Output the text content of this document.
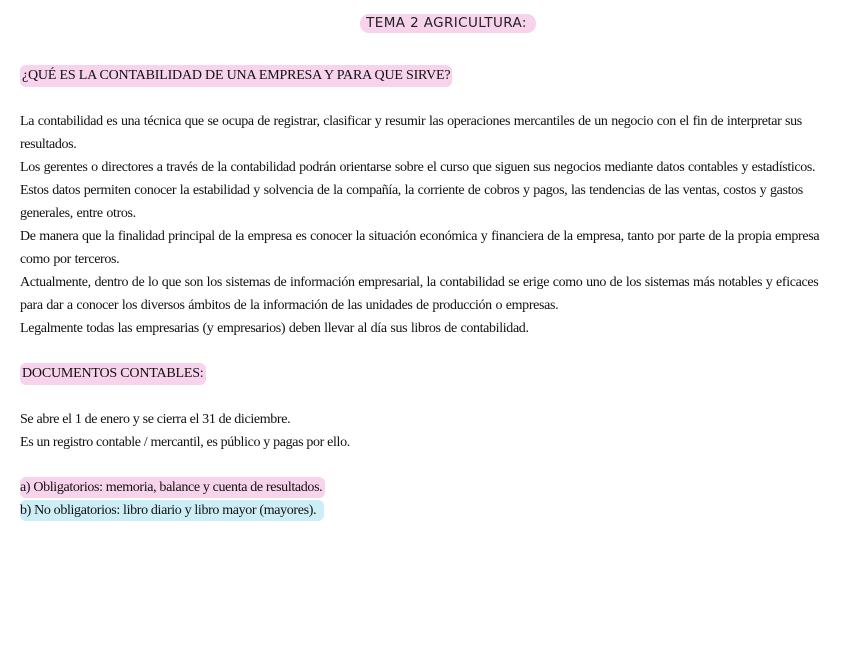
TEMA 2 AGRICULTURA:
¿QUÉ ES LA CONTABILIDAD DE UNA EMPRESA Y PARA QUE SIRVE?

La contabilidad es una técnica que se ocupa de registrar, clasificar y resumir las operaciones mercantiles de un negocio con el fin de interpretar sus resultados.

Los gerentes o directores a través de la contabilidad podrán orientarse sobre el curso que siguen sus negocios mediante datos contables y estadísticos.

Estos datos permiten conocer la estabilidad y solvencia de la compañía, la corriente de cobros y pagos, las tendencias de las ventas, costos y gastos generales, entre otros.

De manera que la finalidad principal de la empresa es conocer la situación económica y financiera de la empresa, tanto por parte de la propia empresa como por terceros.

Actualmente, dentro de lo que son los sistemas de información empresarial, la contabilidad se erige como uno de los sistemas más notables y eficaces para dar a conocer los diversos ámbitos de la información de las unidades de producción o empresas.

Legalmente todas las empresarias (y empresarios) deben llevar al día sus libros de contabilidad.

DOCUMENTOS CONTABLES:
Se abre el 1 de enero y se cierra el 31 de diciembre.
Es un registro contable / mercantil, es público y pagas por ello.
a) Obligatorios: memoria, balance y cuenta de resultados.
b) No obligatorios: libro diario y libro mayor (mayores).
